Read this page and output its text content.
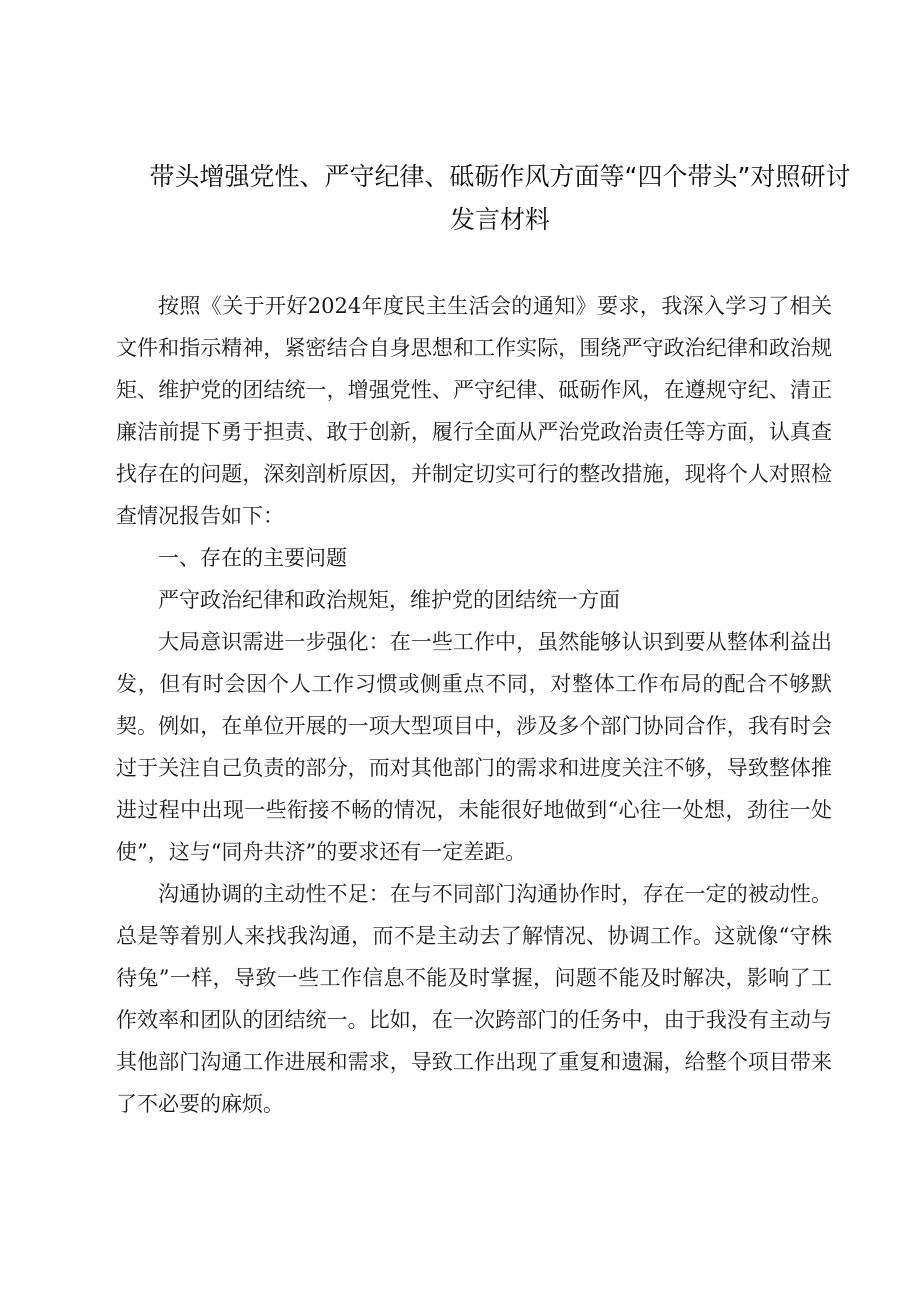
带头增强党性、严守纪律、砥砺作风方面等“四个带头”对照研讨
发言材料

按照《关于开好2024年度民主生活会的通知》要求，我深入学习了相关文件和指示精神，紧密结合自身思想和工作实际，围绕严守政治纪律和政治规矩、维护党的团结统一，增强党性、严守纪律、砥砺作风，在遵规守纪、清正廉洁前提下勇于担责、敢于创新，履行全面从严治党政治责任等方面，认真查找存在的问题，深刻剖析原因，并制定切实可行的整改措施，现将个人对照检查情况报告如下：

一、存在的主要问题

严守政治纪律和政治规矩，维护党的团结统一方面

大局意识需进一步强化：在一些工作中，虽然能够认识到要从整体利益出发，但有时会因个人工作习惯或侧重点不同，对整体工作布局的配合不够默契。例如，在单位开展的一项大型项目中，涉及多个部门协同合作，我有时会过于关注自己负责的部分，而对其他部门的需求和进度关注不够，导致整体推进过程中出现一些衔接不畅的情况，未能很好地做到“心往一处想，劲往一处使”，这与“同舟共济”的要求还有一定差距。

沟通协调的主动性不足：在与不同部门沟通协作时，存在一定的被动性。总是等着别人来找我沟通，而不是主动去了解情况、协调工作。这就像“守株待兔”一样，导致一些工作信息不能及时掌握，问题不能及时解决，影响了工作效率和团队的团结统一。比如，在一次跨部门的任务中，由于我没有主动与其他部门沟通工作进展和需求，导致工作出现了重复和遗漏，给整个项目带来了不必要的麻烦。
